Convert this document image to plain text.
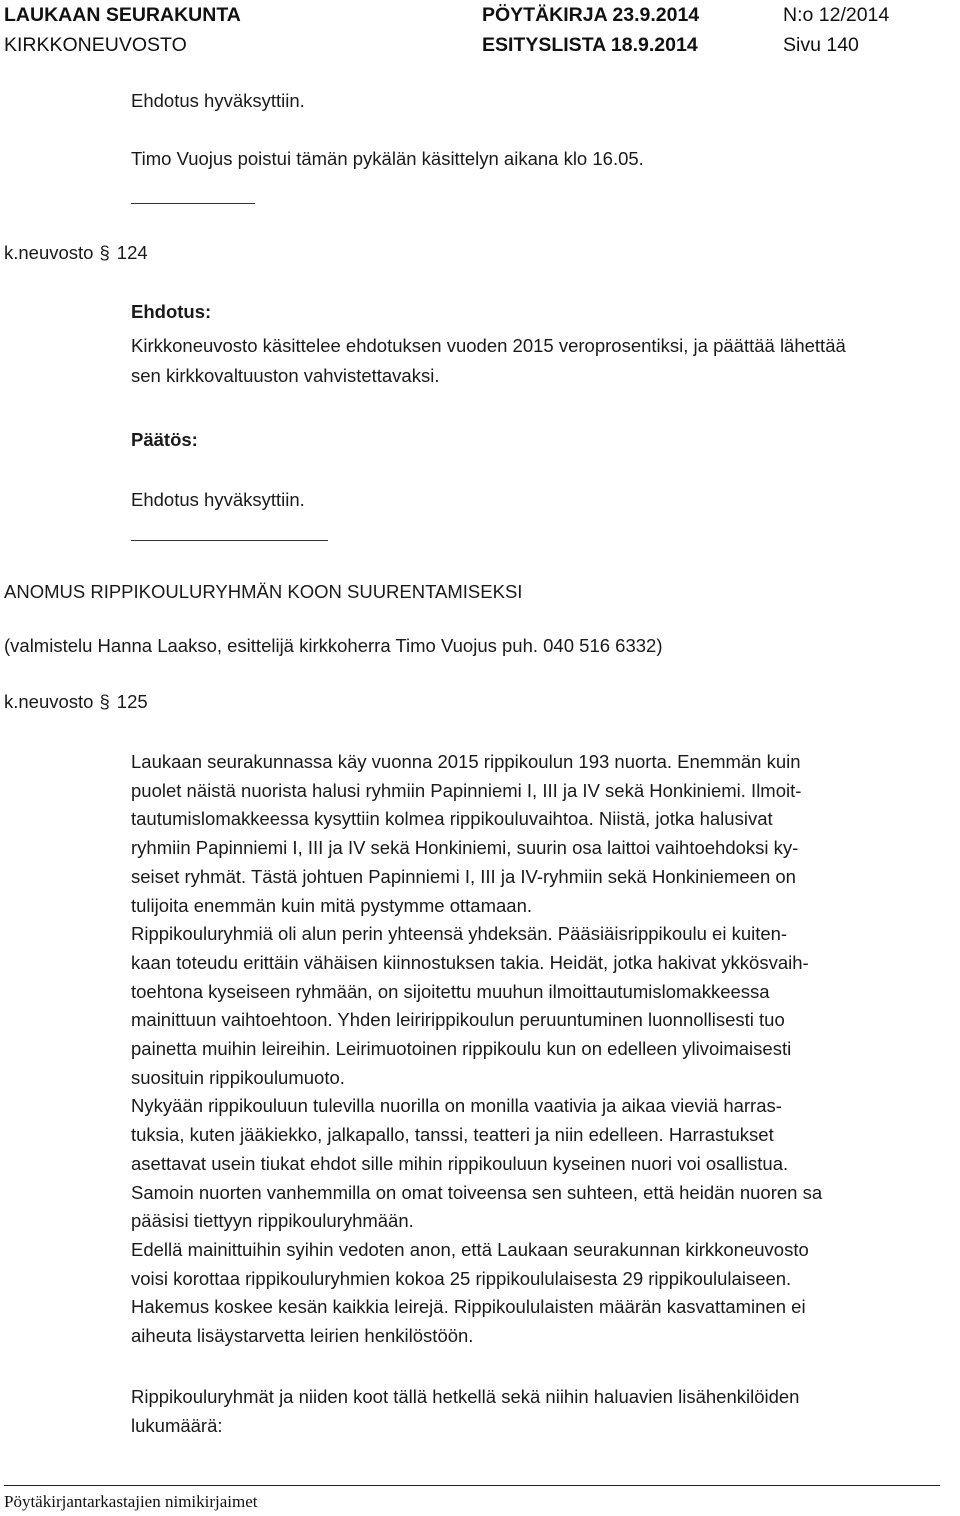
LAUKAAN SEURAKUNTA
KIRKKONEUVOSTO
PÖYTÄKIRJA 23.9.2014
ESITYSLISTA 18.9.2014
N:o 12/2014
Sivu 140
Ehdotus hyväksyttiin.
Timo Vuojus poistui tämän pykälän käsittelyn aikana klo 16.05.
k.neuvosto § 124
Ehdotus:
Kirkkoneuvosto käsittelee ehdotuksen vuoden 2015 veroprosentiksi, ja päättää lähettää
sen kirkkovaltuuston vahvistettavaksi.
Päätös:
Ehdotus hyväksyttiin.
ANOMUS RIPPIKOULURYHMÄN KOON SUURENTAMISEKSI
(valmistelu Hanna Laakso, esittelijä kirkkoherra Timo Vuojus puh. 040 516 6332)
k.neuvosto § 125
Laukaan seurakunnassa käy vuonna 2015 rippikoulun 193 nuorta. Enemmän kuin
puolet näistä nuorista halusi ryhmiin Papinniemi I, III ja IV sekä Honkiniemi. Ilmoit-
tautumislomakkeessa kysyttiin kolmea rippikouluvaihtoa. Niistä, jotka halusivat
ryhmiin Papinniemi I, III ja IV sekä Honkiniemi, suurin osa laittoi vaihtoehdoksi ky-
seiset ryhmät. Tästä johtuen Papinniemi I, III ja IV-ryhmiin sekä Honkiniemeen on
tulijoita enemmän kuin mitä pystymme ottamaan.
Rippikouluryhmiä oli alun perin yhteensä yhdeksän. Pääsiäisrippikoulu ei kuiten-
kaan toteudu erittäin vähäisen kiinnostuksen takia. Heidät, jotka hakivat ykkösvaih-
toehtona kyseiseen ryhmään, on sijoitettu muuhun ilmoittautumislomakkeessa
mainittuun vaihtoehtoon. Yhden leiririppikoulun peruuntuminen luonnollisesti tuo
painetta muihin leireihin. Leirimuotoinen rippikoulu kun on edelleen ylivoimaisesti
suosituin rippikoulumuoto.
Nykyään rippikouluun tulevilla nuorilla on monilla vaativia ja aikaa vieviä harras-
tuksia, kuten jääkiekko, jalkapallo, tanssi, teatteri ja niin edelleen. Harrastukset
asettavat usein tiukat ehdot sille mihin rippikouluun kyseinen nuori voi osallistua.
Samoin nuorten vanhemmilla on omat toiveensa sen suhteen, että heidän nuoren sa
pääsisi tiettyyn rippikouluryhmään.
Edellä mainittuihin syihin vedoten anon, että Laukaan seurakunnan kirkkoneuvosto
voisi korottaa rippikouluryhmien kokoa 25 rippikoululaisesta 29 rippikoululaiseen.
Hakemus koskee kesän kaikkia leirejä. Rippikoululaisten määrän kasvattaminen ei
aiheuta lisäystarvetta leirien henkilöstöön.
Rippikouluryhmät ja niiden koot tällä hetkellä sekä niihin haluavien lisähenkilöiden
lukumäärä:
Pöytäkirjantarkastajien nimikirjaimet
